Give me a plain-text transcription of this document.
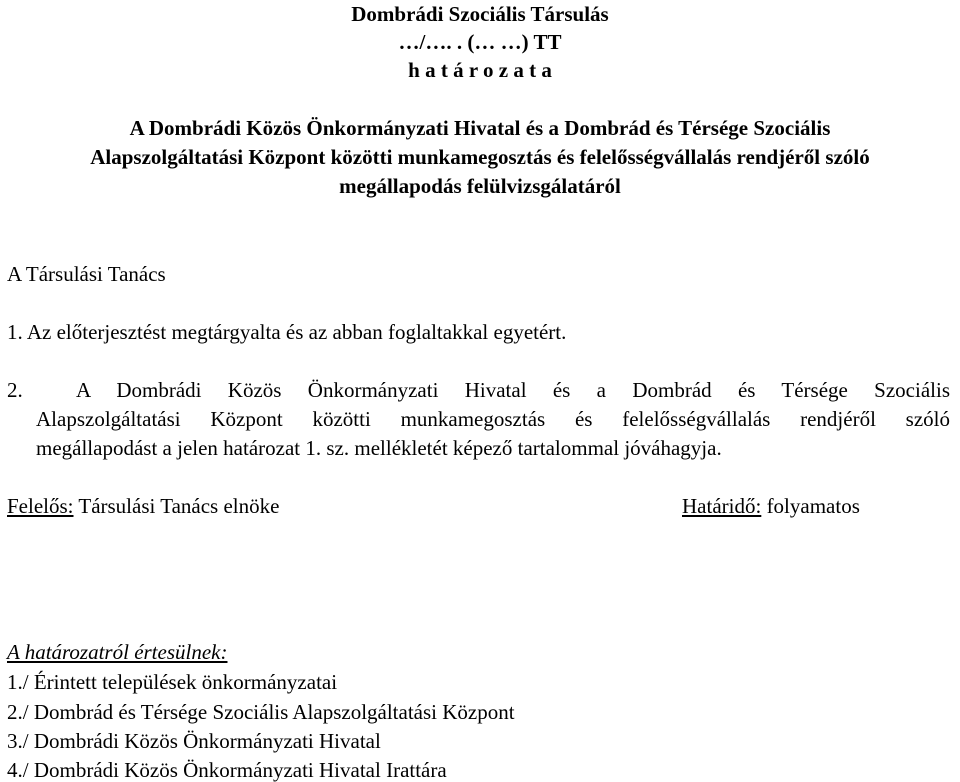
Dombrádi Szociális Társulás
…/…. . (… …) TT
h a t á r o z a t a
A Dombrádi Közös Önkormányzati Hivatal és a Dombrád és Térsége Szociális
Alapszolgáltatási Központ közötti munkamegosztás és felelősségvállalás rendjéről szóló
megállapodás felülvizsgálatáról
A Társulási Tanács
1. Az előterjesztést megtárgyalta és az abban foglaltakkal egyetért.
2.	A Dombrádi Közös Önkormányzati Hivatal és a Dombrád és Térsége Szociális
Alapszolgáltatási Központ közötti munkamegosztás és felelősségvállalás rendjéről szóló
megállapodást a jelen határozat 1. sz. mellékletét képező tartalommal jóváhagyja.
Felelős: Társulási Tanács elnöke	Határidő: folyamatos
A határozatról értesülnek:
1./ Érintett települések önkormányzatai
2./ Dombrád és Térsége Szociális Alapszolgáltatási Központ
3./ Dombrádi Közös Önkormányzati Hivatal
4./ Dombrádi Közös Önkormányzati Hivatal Irattára
